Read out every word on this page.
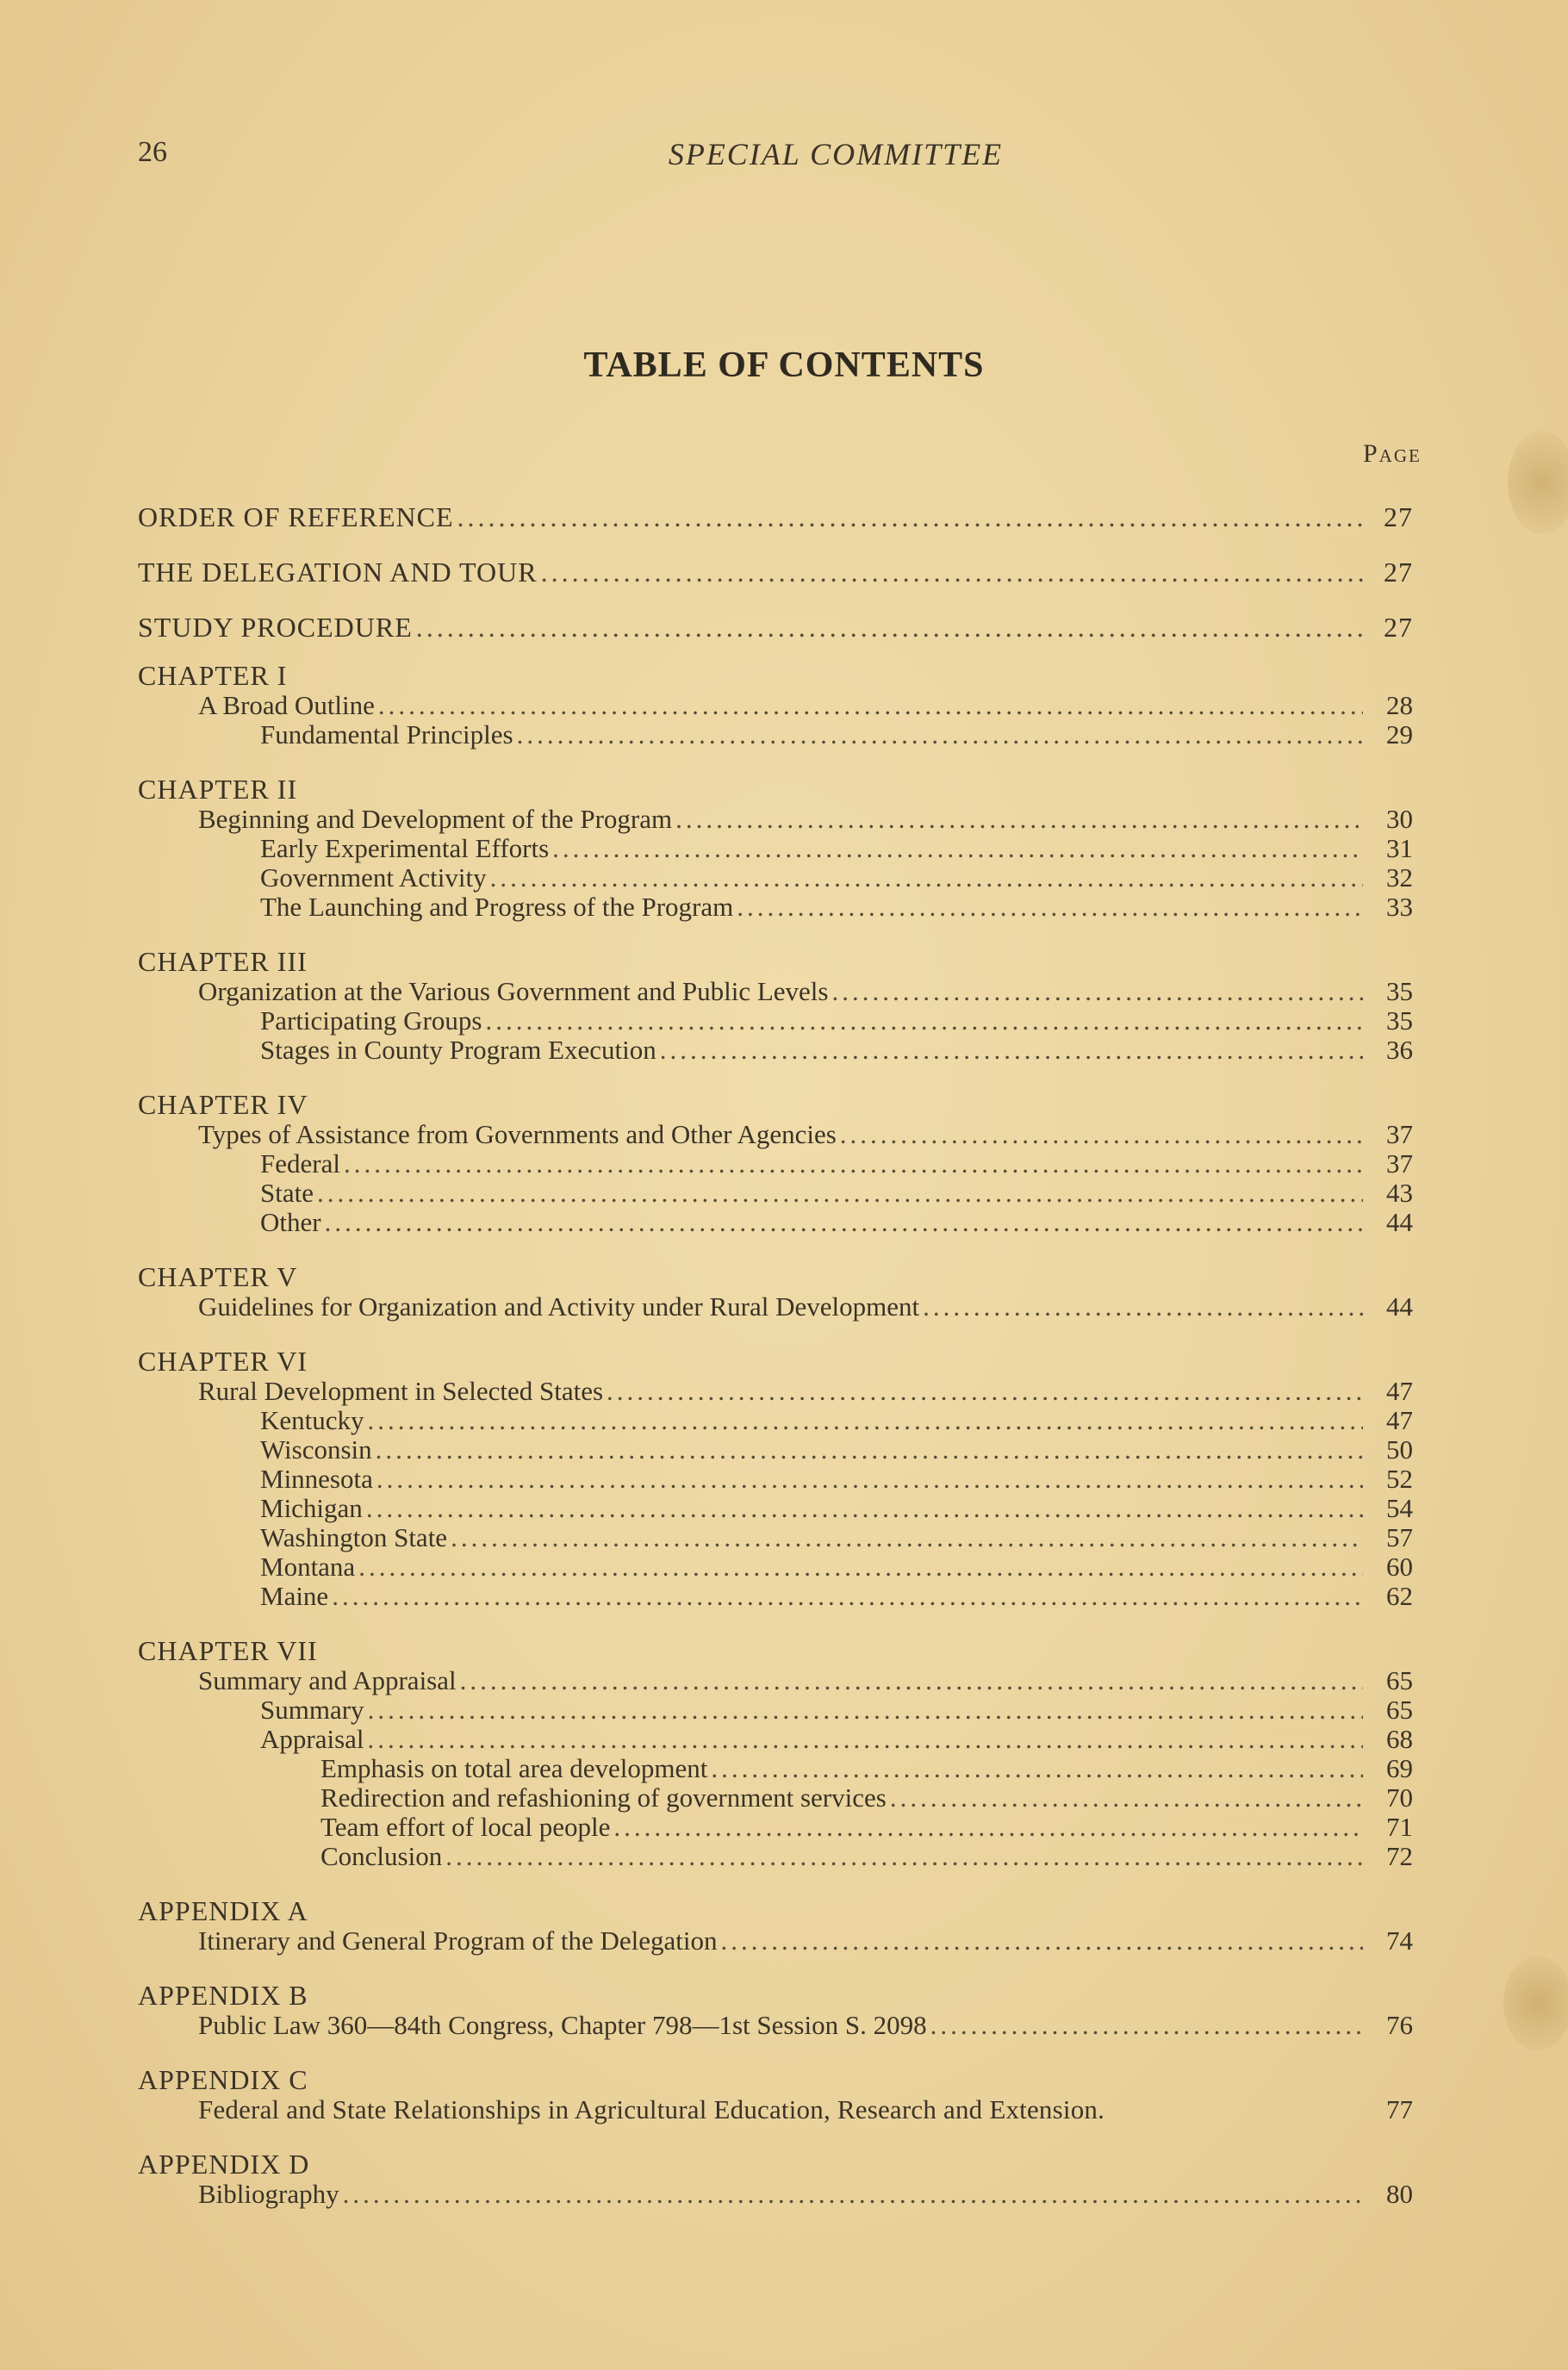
26	SPECIAL COMMITTEE
TABLE OF CONTENTS
Page
ORDER OF REFERENCE .....	27
THE DELEGATION AND TOUR .....	27
STUDY PROCEDURE .....	27
CHAPTER I
A Broad Outline .....	28
Fundamental Principles .....	29
CHAPTER II
Beginning and Development of the Program .....	30
Early Experimental Efforts .....	31
Government Activity .....	32
The Launching and Progress of the Program .....	33
CHAPTER III
Organization at the Various Government and Public Levels .....	35
Participating Groups .....	35
Stages in County Program Execution .....	36
CHAPTER IV
Types of Assistance from Governments and Other Agencies .....	37
Federal .....	37
State .....	43
Other .....	44
CHAPTER V
Guidelines for Organization and Activity under Rural Development .....	44
CHAPTER VI
Rural Development in Selected States .....	47
Kentucky .....	47
Wisconsin .....	50
Minnesota .....	52
Michigan .....	54
Washington State .....	57
Montana .....	60
Maine .....	62
CHAPTER VII
Summary and Appraisal .....	65
Summary .....	65
Appraisal .....	68
Emphasis on total area development .....	69
Redirection and refashioning of government services .....	70
Team effort of local people .....	71
Conclusion .....	72
APPENDIX A
Itinerary and General Program of the Delegation .....	74
APPENDIX B
Public Law 360—84th Congress, Chapter 798—1st Session S. 2098 .....	76
APPENDIX C
Federal and State Relationships in Agricultural Education, Research and Extension.	77
APPENDIX D
Bibliography .....	80
